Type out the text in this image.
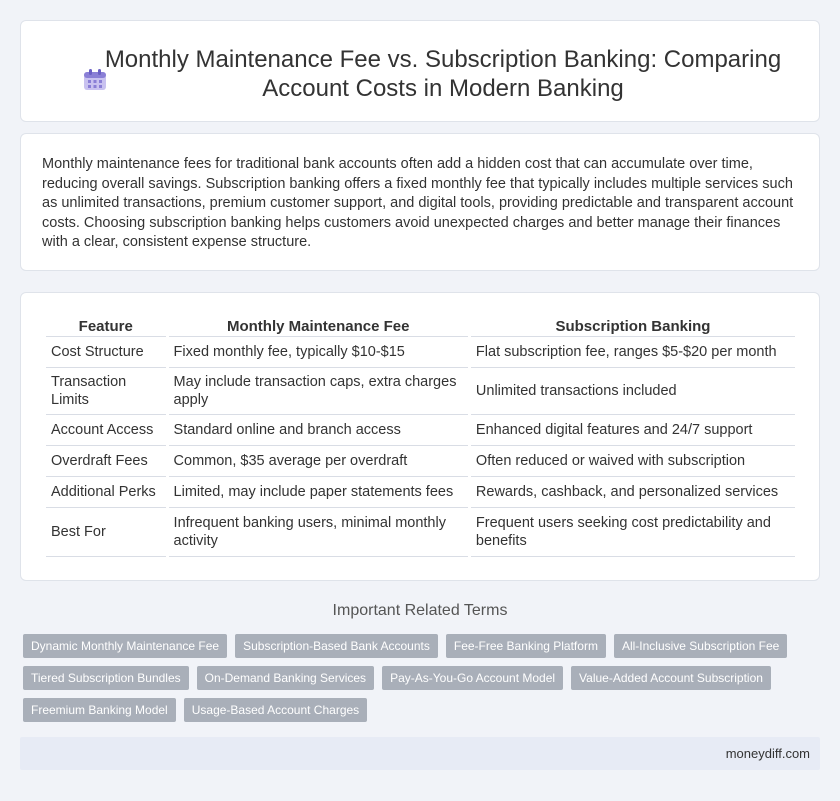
Monthly Maintenance Fee vs. Subscription Banking: Comparing Account Costs in Modern Banking

Monthly maintenance fees for traditional bank accounts often add a hidden cost that can accumulate over time, reducing overall savings. Subscription banking offers a fixed monthly fee that typically includes multiple services such as unlimited transactions, premium customer support, and digital tools, providing predictable and transparent account costs. Choosing subscription banking helps customers avoid unexpected charges and better manage their finances with a clear, consistent expense structure.

Feature	Monthly Maintenance Fee	Subscription Banking
Cost Structure	Fixed monthly fee, typically $10-$15	Flat subscription fee, ranges $5-$20 per month
Transaction Limits	May include transaction caps, extra charges apply	Unlimited transactions included
Account Access	Standard online and branch access	Enhanced digital features and 24/7 support
Overdraft Fees	Common, $35 average per overdraft	Often reduced or waived with subscription
Additional Perks	Limited, may include paper statements fees	Rewards, cashback, and personalized services
Best For	Infrequent banking users, minimal monthly activity	Frequent users seeking cost predictability and benefits
Important Related Terms
Dynamic Monthly Maintenance Fee	Subscription-Based Bank Accounts	Fee-Free Banking Platform	All-Inclusive Subscription Fee
Tiered Subscription Bundles	On-Demand Banking Services	Pay-As-You-Go Account Model	Value-Added Account Subscription
Freemium Banking Model	Usage-Based Account Charges
moneydiff.com
